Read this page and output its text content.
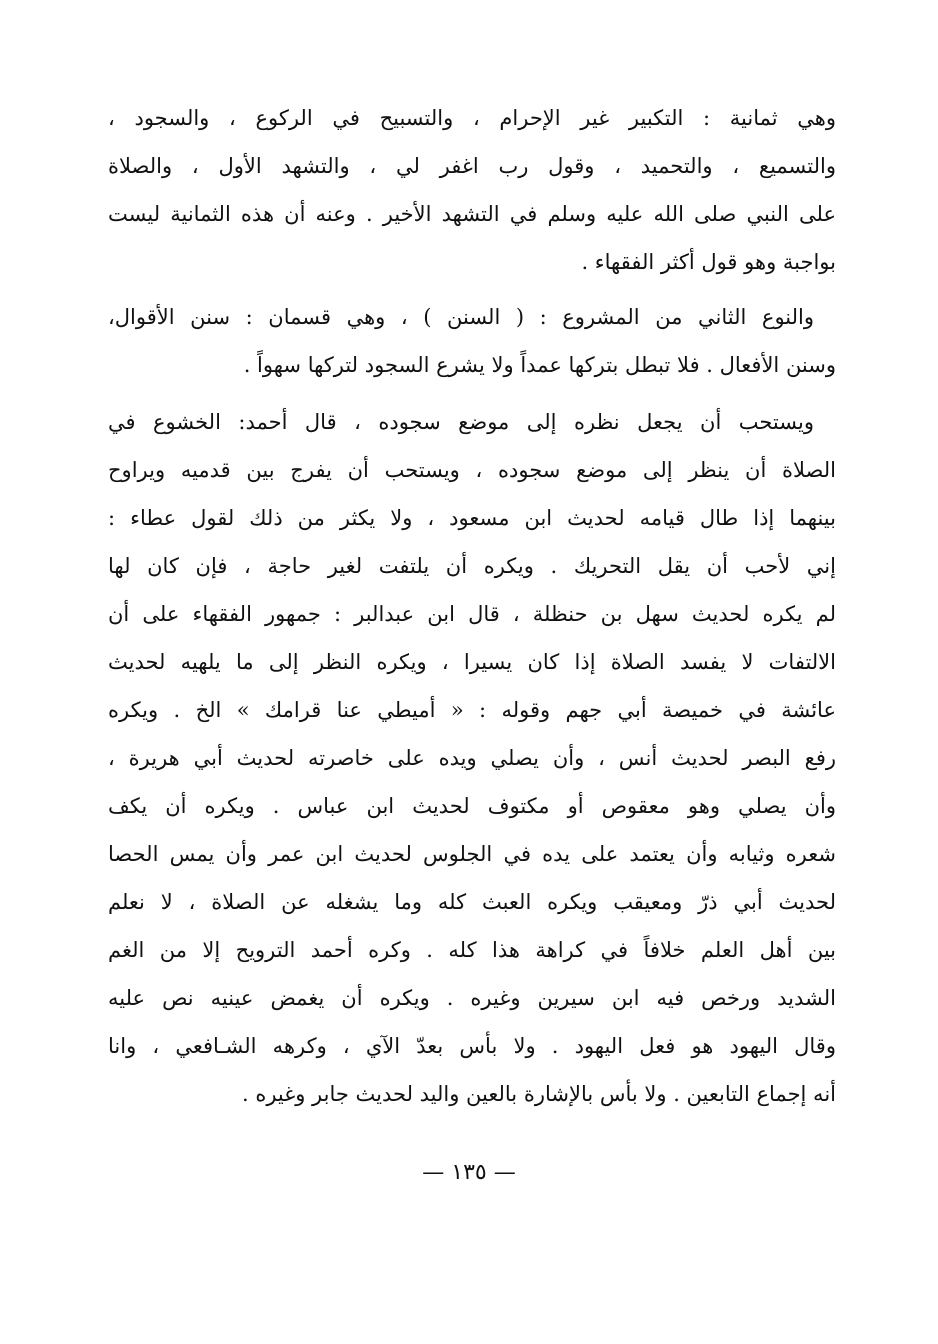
وهي ثمانية : التكبير غير الإحرام ، والتسبيح في الركوع ، والسجود ،
والتسميع ، والتحميد ، وقول رب اغفر لي ، والتشهد الأول ، والصلاة
على النبي صلى الله عليه وسلم في التشهد الأخير . وعنه أن هذه الثمانية ليست
بواجبة وهو قول أكثر الفقهاء .
والنوع الثاني من المشروع : ( السنن ) ، وهي قسمان : سنن الأقوال،
وسنن الأفعال . فلا تبطل بتركها عمداً ولا يشرع السجود لتركها سهواً .
ويستحب أن يجعل نظره إلى موضع سجوده ، قال أحمد: الخشوع في
الصلاة أن ينظر إلى موضع سجوده ، ويستحب أن يفرج بين قدميه ويراوح
بينهما إذا طال قيامه لحديث ابن مسعود ، ولا يكثر من ذلك لقول عطاء :
إني لأحب أن يقل التحريك . ويكره أن يلتفت لغير حاجة ، فإن كان لها
لم يكره لحديث سهل بن حنظلة ، قال ابن عبدالبر : جمهور الفقهاء على أن
الالتفات لا يفسد الصلاة إذا كان يسيرا ، ويكره النظر إلى ما يلهيه لحديث
عائشة في خميصة أبي جهم وقوله : « أميطي عنا قرامك » الخ . ويكره
رفع البصر لحديث أنس ، وأن يصلي ويده على خاصرته لحديث أبي هريرة ،
وأن يصلي وهو معقوص أو مكتوف لحديث ابن عباس . ويكره أن يكف
شعره وثيابه وأن يعتمد على يده في الجلوس لحديث ابن عمر وأن يمس الحصا
لحديث أبي ذرّ ومعيقب ويكره العبث كله وما يشغله عن الصلاة ، لا نعلم
بين أهل العلم خلافاً في كراهة هذا كله . وكره أحمد الترويح إلا من الغم
الشديد ورخص فيه ابن سيرين وغيره . ويكره أن يغمض عينيه نص عليه
وقال اليهود هو فعل اليهود . ولا بأس بعدّ الآي ، وكرهه الشـافعي ، وانا
أنه إجماع التابعين . ولا بأس بالإشارة بالعين واليد لحديث جابر وغيره .
— ١٣٥ —
